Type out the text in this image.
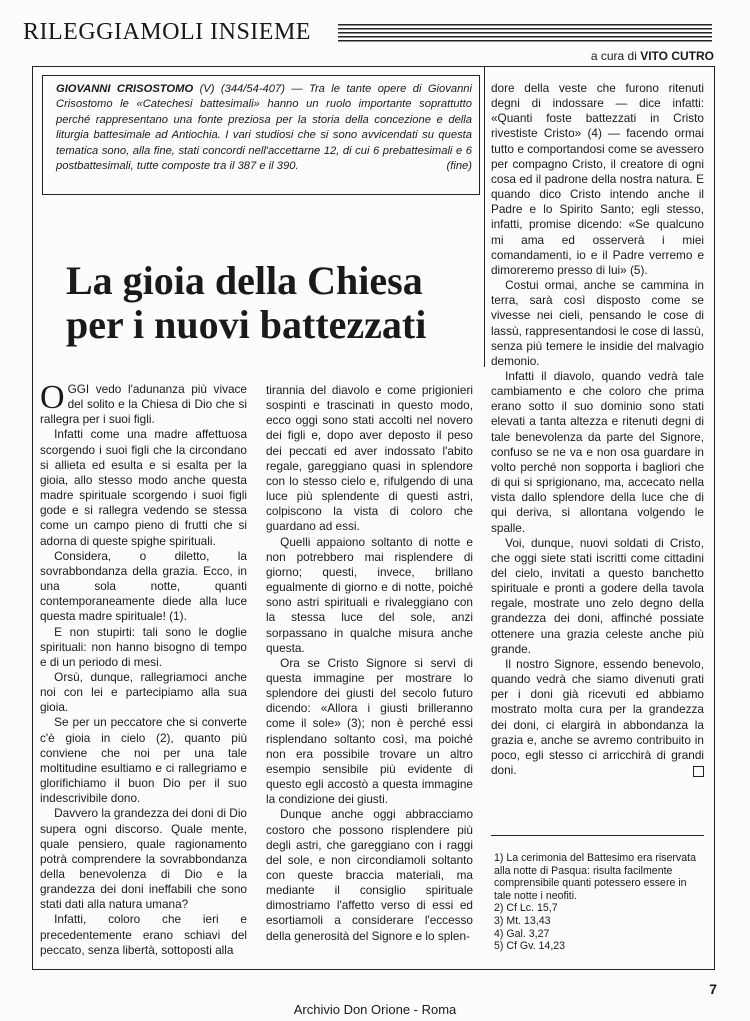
RILEGGIAMOLI INSIEME
a cura di VITO CUTRO
GIOVANNI CRISOSTOMO (V) (344/54-407) — Tra le tante opere di Giovanni Crisostomo le «Catechesi battesimali» hanno un ruolo importante soprattutto perché rappresentano una fonte preziosa per la storia della concezione e della liturgia battesimale ad Antiochia. I vari studiosi che si sono avvicendati su questa tematica sono, alla fine, stati concordi nell'accettarne 12, di cui 6 prebattesimali e 6 postbattesimali, tutte composte tra il 387 e il 390.	(fine)
La gioia della Chiesa
per i nuovi battezzati

OGGI vedo l'adunanza più vivace del solito e la Chiesa di Dio che si rallegra per i suoi figli.

Infatti come una madre affettuosa scorgendo i suoi figli che la circondano si allieta ed esulta e si esalta per la gioia, allo stesso modo anche questa madre spirituale scorgendo i suoi figli gode e si rallegra vedendo se stessa come un campo pieno di frutti che si adorna di queste spighe spirituali.

Considera, o diletto, la sovrabbondanza della grazia. Ecco, in una sola notte, quanti contemporaneamente diede alla luce questa madre spirituale! (1).

E non stupirti: tali sono le doglie spirituali: non hanno bisogno di tempo e di un periodo di mesi.

Orsù, dunque, rallegriamoci anche noi con lei e partecipiamo alla sua gioia.

Se per un peccatore che si converte c'è gioia in cielo (2), quanto più conviene che noi per una tale moltitudine esultiamo e ci rallegriamo e glorifichiamo il buon Dio per il suo indescrivibile dono.

Davvero la grandezza dei doni di Dio supera ogni discorso. Quale mente, quale pensiero, quale ragionamento potrà comprendere la sovrabbondanza della benevolenza di Dio e la grandezza dei doni ineffabili che sono stati dati alla natura umana?

Infatti, coloro che ieri e precedentemente erano schiavi del peccato, senza libertà, sottoposti alla

tirannia del diavolo e come prigionieri sospinti e trascinati in questo modo, ecco oggi sono stati accolti nel novero dei figli e, dopo aver deposto il peso dei peccati ed aver indossato l'abito regale, gareggiano quasi in splendore con lo stesso cielo e, rifulgendo di una luce più splendente di questi astri, colpiscono la vista di coloro che guardano ad essi.

Quelli appaiono soltanto di notte e non potrebbero mai risplendere di giorno; questi, invece, brillano egualmente di giorno e di notte, poiché sono astri spirituali e rivaleggiano con la stessa luce del sole, anzi sorpassano in qualche misura anche questa.

Ora se Cristo Signore si servì di questa immagine per mostrare lo splendore dei giusti del secolo futuro dicendo: «Allora i giusti brilleranno come il sole» (3); non è perché essi risplendano soltanto così, ma poiché non era possibile trovare un altro esempio sensibile più evidente di questo egli accostò a questa immagine la condizione dei giusti.

Dunque anche oggi abbracciamo costoro che possono risplendere più degli astri, che gareggiano con i raggi del sole, e non circondiamoli soltanto con queste braccia materiali, ma mediante il consiglio spirituale dimostriamo l'affetto verso di essi ed esortiamoli a considerare l'eccesso della generosità del Signore e lo splen-

dore della veste che furono ritenuti degni di indossare — dice infatti: «Quanti foste battezzati in Cristo rivestiste Cristo» (4) — facendo ormai tutto e comportandosi come se avessero per compagno Cristo, il creatore di ogni cosa ed il padrone della nostra natura. E quando dico Cristo intendo anche il Padre e lo Spirito Santo; egli stesso, infatti, promise dicendo: «Se qualcuno mi ama ed osserverà i miei comandamenti, io e il Padre verremo e dimoreremo presso di lui» (5).

Costui ormai, anche se cammina in terra, sarà così disposto come se vivesse nei cieli, pensando le cose di lassù, rappresentandosi le cose di lassù, senza più temere le insidie del malvagio demonio.

Infatti il diavolo, quando vedrà tale cambiamento e che coloro che prima erano sotto il suo dominio sono stati elevati a tanta altezza e ritenuti degni di tale benevolenza da parte del Signore, confuso se ne va e non osa guardare in volto perché non sopporta i bagliori che di qui si sprigionano, ma, accecato nella vista dallo splendore della luce che di qui deriva, si allontana volgendo le spalle.

Voi, dunque, nuovi soldati di Cristo, che oggi siete stati iscritti come cittadini del cielo, invitati a questo banchetto spirituale e pronti a godere della tavola regale, mostrate uno zelo degno della grandezza dei doni, affinché possiate ottenere una grazia celeste anche più grande.

Il nostro Signore, essendo benevolo, quando vedrà che siamo divenuti grati per i doni già ricevuti ed abbiamo mostrato molta cura per la grandezza dei doni, ci elargirà in abbondanza la grazia e, anche se avremo contribuito in poco, egli stesso ci arricchirà di grandi doni.

1) La cerimonia del Battesimo era riservata alla notte di Pasqua: risulta facilmente comprensibile quanti potessero essere in tale notte i neofiti.
2) Cf Lc. 15,7
3) Mt. 13,43
4) Gal. 3,27
5) Cf Gv. 14,23
7
Archivio Don Orione - Roma
